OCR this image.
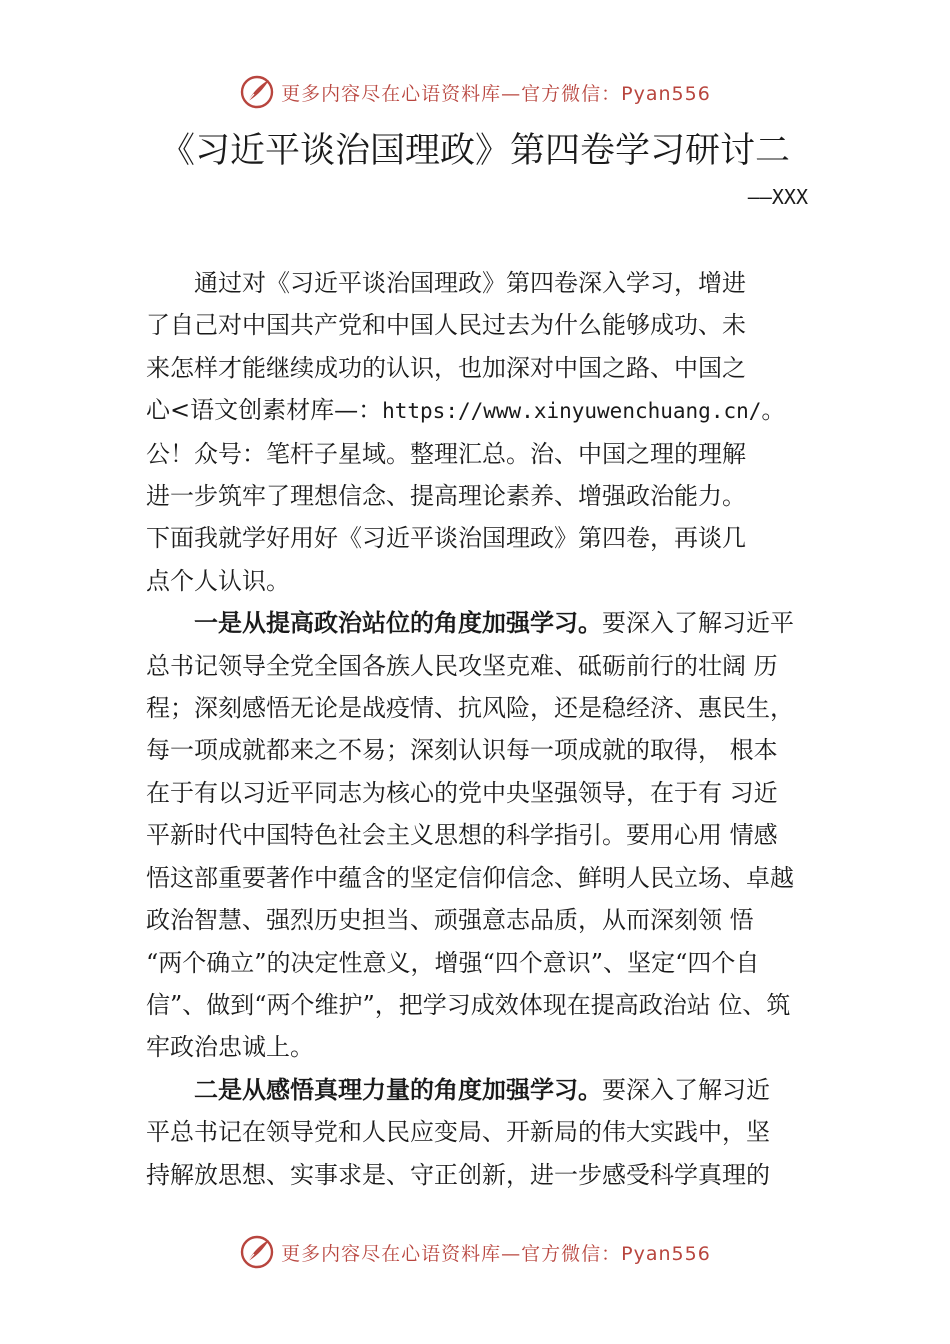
更多内容尽在心语资料库—官方微信：Pyan556
《习近平谈治国理政》第四卷学习研讨二
——XXX

通过对《习近平谈治国理政》第四卷深入学习，增进
了自己对中国共产党和中国人民过去为什么能够成功、未
来怎样才能继续成功的认识，也加深对中国之路、中国之
心<语文创素材库—：https://www.xinyuwenchuang.cn/。
公！众号：笔杆子星域。整理汇总。治、中国之理的理解
进一步筑牢了理想信念、提高理论素养、增强政治能力。
下面我就学好用好《习近平谈治国理政》第四卷，再谈几
点个人认识。

一是从提高政治站位的角度加强学习。要深入了解习近平
总书记领导全党全国各族人民攻坚克难、砥砺前行的壮阔 历
程；深刻感悟无论是战疫情、抗风险，还是稳经济、惠民生，
每一项成就都来之不易；深刻认识每一项成就的取得， 根本
在于有以习近平同志为核心的党中央坚强领导，在于有 习近
平新时代中国特色社会主义思想的科学指引。要用心用 情感
悟这部重要著作中蕴含的坚定信仰信念、鲜明人民立场、卓越
政治智慧、强烈历史担当、顽强意志品质，从而深刻领 悟
“两个确立”的决定性意义，增强“四个意识”、坚定“四个自
信”、做到“两个维护”，把学习成效体现在提高政治站 位、筑
牢政治忠诚上。

二是从感悟真理力量的角度加强学习。要深入了解习近
平总书记在领导党和人民应变局、开新局的伟大实践中，坚
持解放思想、实事求是、守正创新，进一步感受科学真理的

更多内容尽在心语资料库—官方微信：Pyan556
